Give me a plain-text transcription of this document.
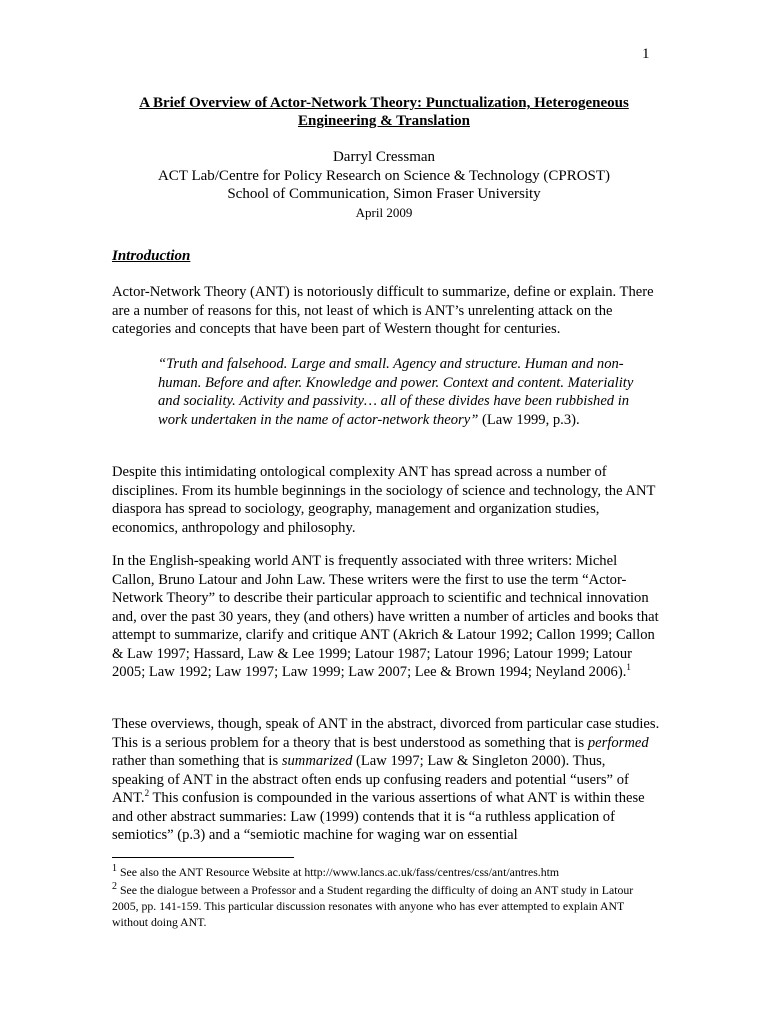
1
A Brief Overview of Actor-Network Theory: Punctualization, Heterogeneous
Engineering & Translation
Darryl Cressman
ACT Lab/Centre for Policy Research on Science & Technology (CPROST)
School of Communication, Simon Fraser University
April 2009
Introduction
Actor-Network Theory (ANT) is notoriously difficult to summarize, define or explain. There are a number of reasons for this, not least of which is ANT’s unrelenting attack on the categories and concepts that have been part of Western thought for centuries.
“Truth and falsehood. Large and small. Agency and structure. Human and non-human. Before and after. Knowledge and power. Context and content. Materiality and sociality. Activity and passivity… all of these divides have been rubbished in work undertaken in the name of actor-network theory” (Law 1999, p.3).
Despite this intimidating ontological complexity ANT has spread across a number of disciplines. From its humble beginnings in the sociology of science and technology, the ANT diaspora has spread to sociology, geography, management and organization studies, economics, anthropology and philosophy.
In the English-speaking world ANT is frequently associated with three writers: Michel Callon, Bruno Latour and John Law. These writers were the first to use the term “Actor-Network Theory” to describe their particular approach to scientific and technical innovation and, over the past 30 years, they (and others) have written a number of articles and books that attempt to summarize, clarify and critique ANT (Akrich & Latour 1992; Callon 1999; Callon & Law 1997; Hassard, Law & Lee 1999; Latour 1987; Latour 1996; Latour 1999; Latour 2005; Law 1992; Law 1997; Law 1999; Law 2007; Lee & Brown 1994; Neyland 2006).$^1$
These overviews, though, speak of ANT in the abstract, divorced from particular case studies. This is a serious problem for a theory that is best understood as something that is performed rather than something that is summarized (Law 1997; Law & Singleton 2000). Thus, speaking of ANT in the abstract often ends up confusing readers and potential “users” of ANT.$^2$ This confusion is compounded in the various assertions of what ANT is within these and other abstract summaries: Law (1999) contends that it is “a ruthless application of semiotics” (p.3) and a “semiotic machine for waging war on essential
$^1$ See also the ANT Resource Website at http://www.lancs.ac.uk/fass/centres/css/ant/antres.htm
$^2$ See the dialogue between a Professor and a Student regarding the difficulty of doing an ANT study in Latour 2005, pp. 141-159. This particular discussion resonates with anyone who has ever attempted to explain ANT without doing ANT.
